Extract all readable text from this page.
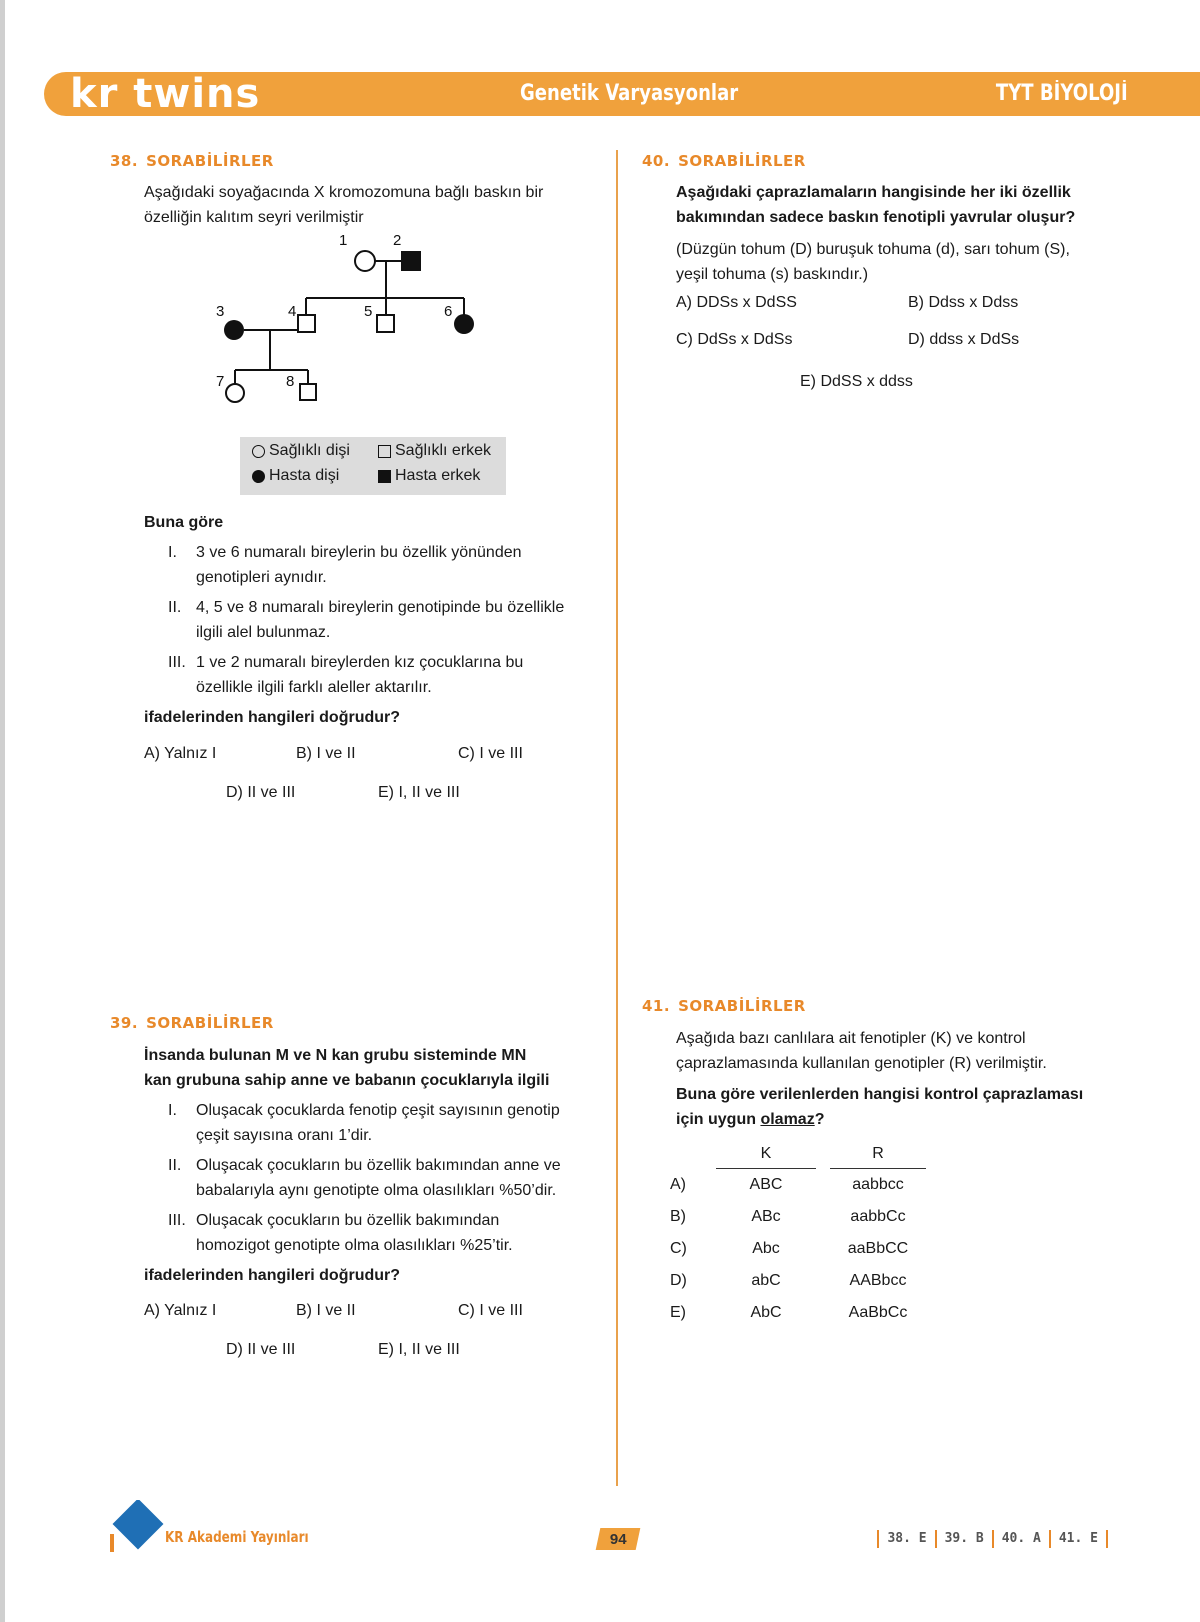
kr twins	Genetik Varyasyonlar	TYT BİYOLOJİ
38. SORABİLİRLER
Aşağıdaki soyağacında X kromozomuna bağlı baskın bir
özelliğin kalıtım seyri verilmiştir
1	2
3	4	5	6
7	8
Sağlıklı dişi	Sağlıklı erkek
Hasta dişi	Hasta erkek
Buna göre
I. 3 ve 6 numaralı bireylerin bu özellik yönünden
genotipleri aynıdır.
II. 4, 5 ve 8 numaralı bireylerin genotipinde bu özellikle
ilgili alel bulunmaz.
III. 1 ve 2 numaralı bireylerden kız çocuklarına bu
özellikle ilgili farklı aleller aktarılır.
ifadelerinden hangileri doğrudur?
A) Yalnız I	B) I ve II	C) I ve III
D) II ve III	E) I, II ve III
39. SORABİLİRLER
İnsanda bulunan M ve N kan grubu sisteminde MN
kan grubuna sahip anne ve babanın çocuklarıyla ilgili
I. Oluşacak çocuklarda fenotip çeşit sayısının genotip
çeşit sayısına oranı 1’dir.
II. Oluşacak çocukların bu özellik bakımından anne ve
babalarıyla aynı genotipte olma olasılıkları %50’dir.
III. Oluşacak çocukların bu özellik bakımından
homozigot genotipte olma olasılıkları %25’tir.
ifadelerinden hangileri doğrudur?
A) Yalnız I	B) I ve II	C) I ve III
D) II ve III	E) I, II ve III
40. SORABİLİRLER
Aşağıdaki çaprazlamaların hangisinde her iki özellik
bakımından sadece baskın fenotipli yavrular oluşur?
(Düzgün tohum (D) buruşuk tohuma (d), sarı tohum (S),
yeşil tohuma (s) baskındır.)
A) DDSs x DdSS	B) Ddss x Ddss
C) DdSs x DdSs	D) ddss x DdSs
E) DdSS x ddss
41. SORABİLİRLER
Aşağıda bazı canlılara ait fenotipler (K) ve kontrol
çaprazlamasında kullanılan genotipler (R) verilmiştir.
Buna göre verilenlerden hangisi kontrol çaprazlaması
için uygun olamaz?
	K		R
A)	ABC		aabbcc
B)	ABc		aabbCc
C)	Abc		aaBbCC
D)	abC		AABbcc
E)	AbC		AaBbCc
KR Akademi Yayınları	94	38. E	39. B	40. A	41. E
